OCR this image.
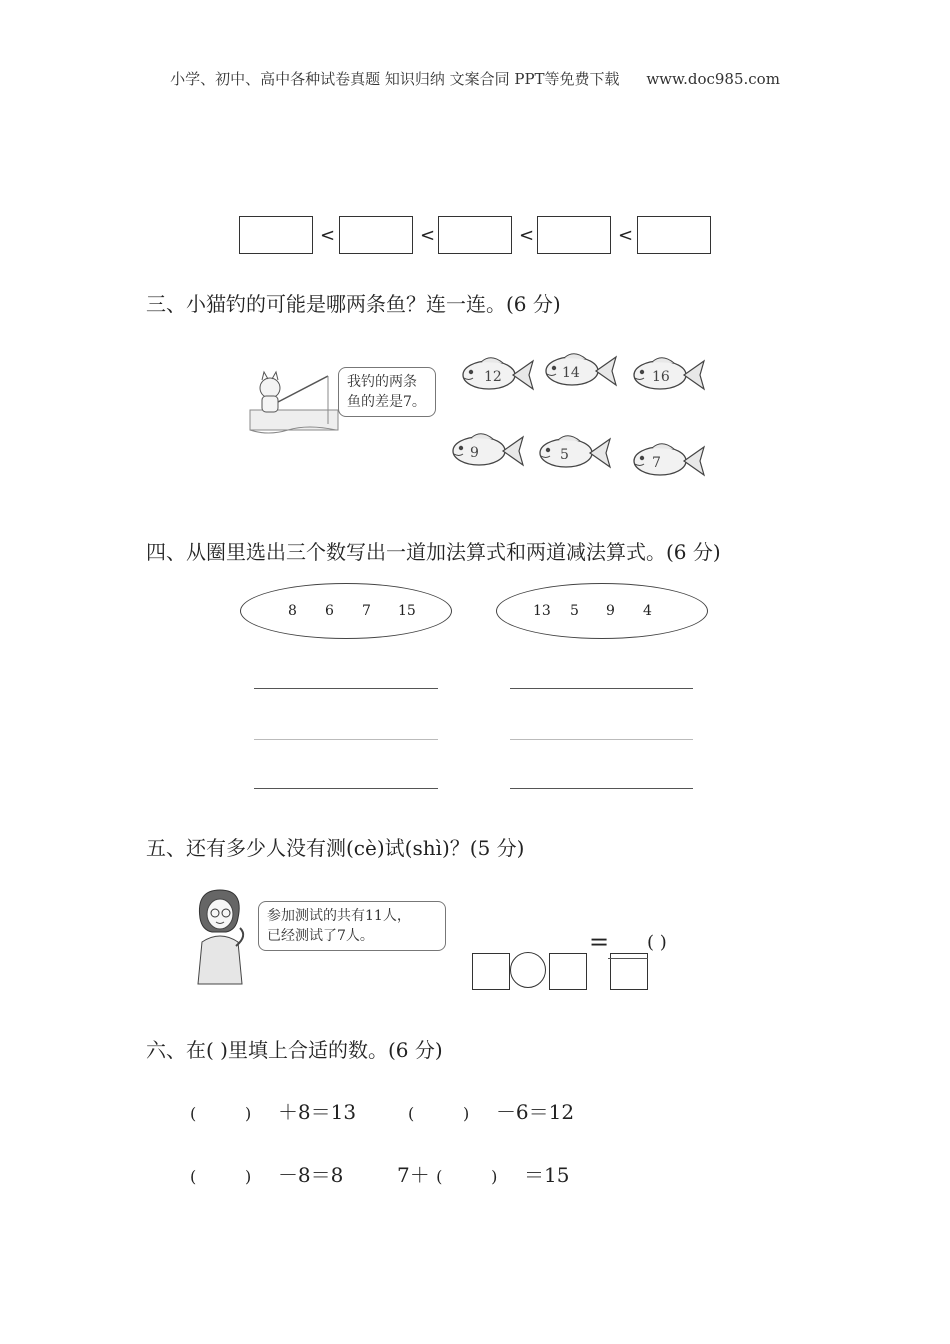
小学、初中、高中各种试卷真题 知识归纳 文案合同 PPT等免费下载 www.doc985.com
<	<	<	<
三、小猫钓的可能是哪两条鱼？连一连。(6 分)
我钓的两条
鱼的差是7。
12	14	16
9	5	7
四、从圈里选出三个数写出一道加法算式和两道减法算式。(6 分)
8 6 7 15	13 5 9 4
五、还有多少人没有测(cè)试(shì)？(5 分)
参加测试的共有11人，
已经测试了7人。	= ( )
六、在( )里填上合适的数。(6 分)
(	) ＋8＝13	(	) －6＝12
(	) －8＝8	7＋ (	) ＝15
